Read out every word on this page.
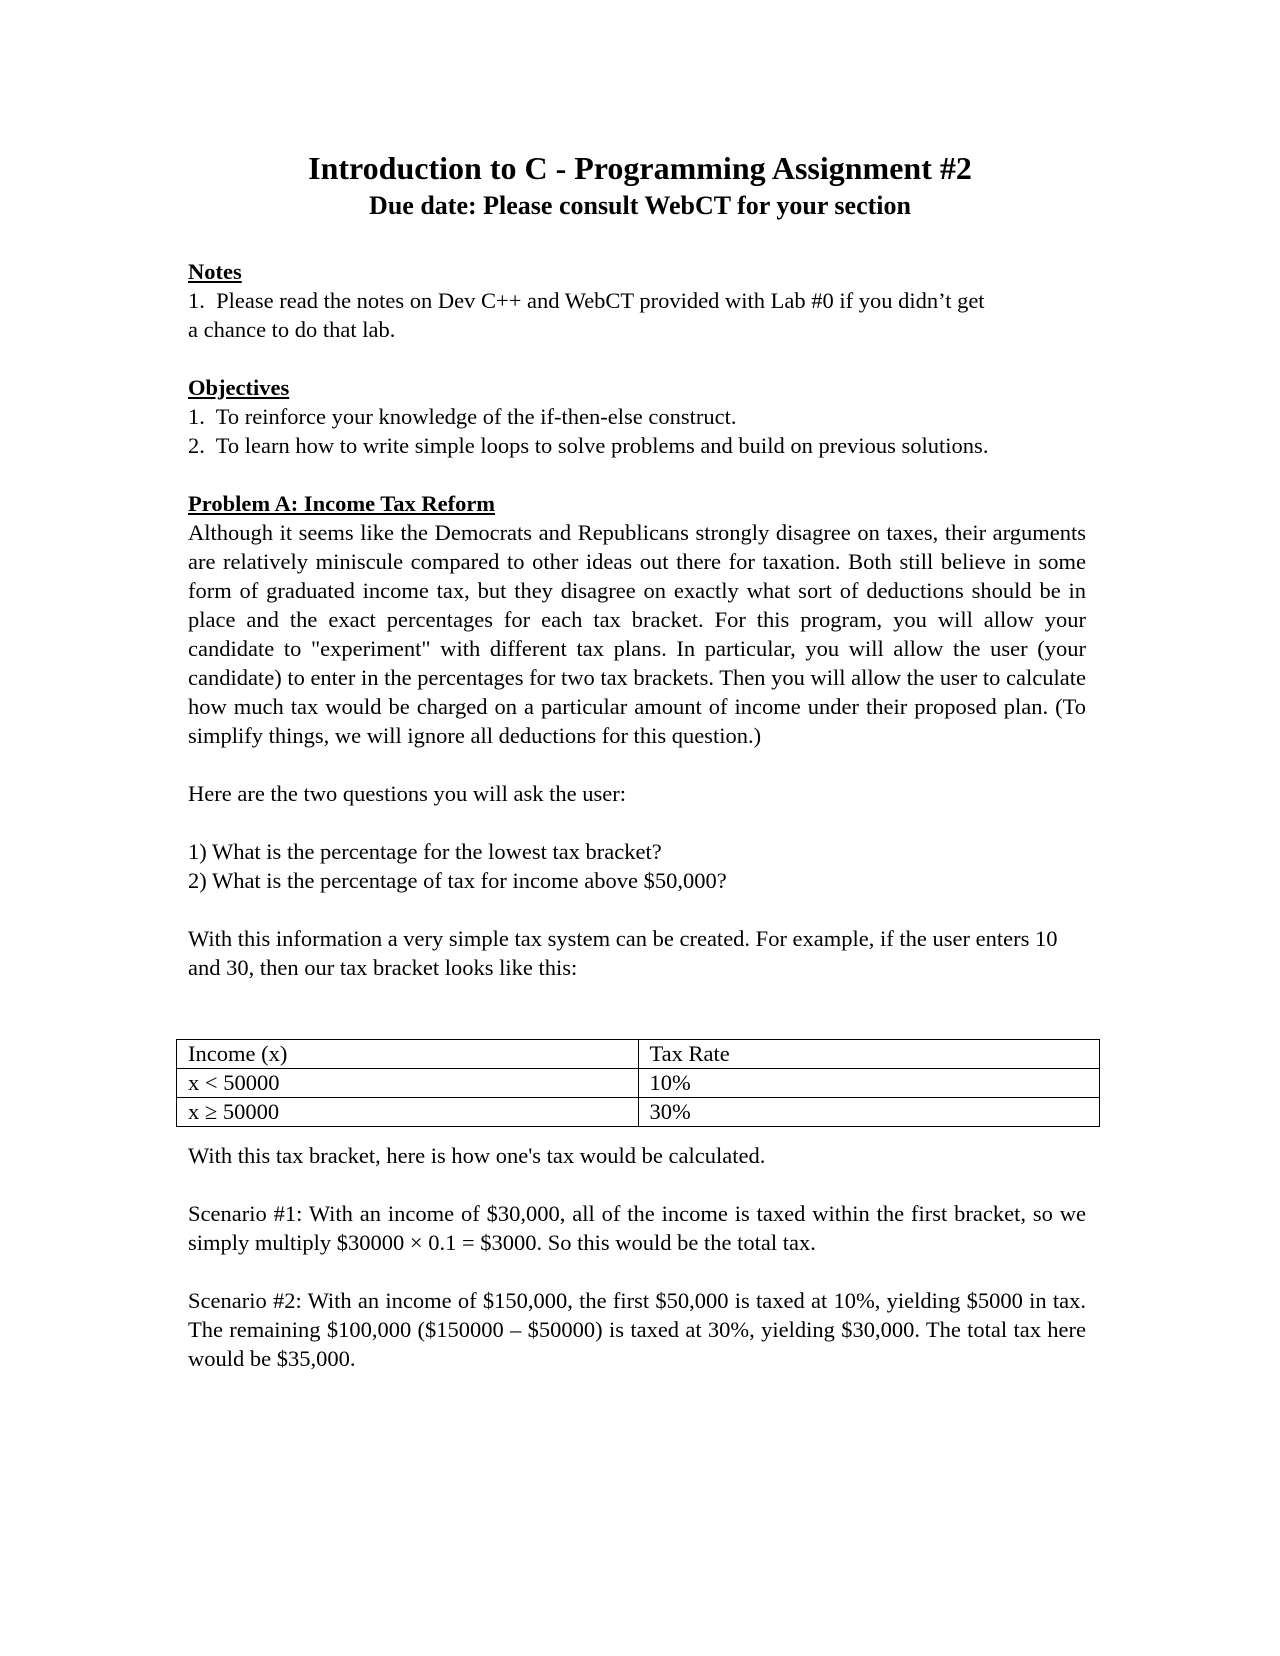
Introduction to C - Programming Assignment #2
Due date: Please consult WebCT for your section

Notes

1.  Please read the notes on Dev C++ and WebCT provided with Lab #0 if you didn’t get

a chance to do that lab.

Objectives

1.  To reinforce your knowledge of the if-then-else construct.

2.  To learn how to write simple loops to solve problems and build on previous solutions.

Problem A: Income Tax Reform

Although it seems like the Democrats and Republicans strongly disagree on taxes, their arguments are relatively miniscule compared to other ideas out there for taxation. Both still believe in some form of graduated income tax, but they disagree on exactly what sort of deductions should be in place and the exact percentages for each tax bracket. For this program, you will allow your candidate to "experiment" with different tax plans. In particular, you will allow the user (your candidate) to enter in the percentages for two tax brackets. Then you will allow the user to calculate how much tax would be charged on a particular amount of income under their proposed plan. (To simplify things, we will ignore all deductions for this question.)

Here are the two questions you will ask the user:

1) What is the percentage for the lowest tax bracket?

2) What is the percentage of tax for income above $50,000?

With this information a very simple tax system can be created. For example, if the user enters 10 and 30, then our tax bracket looks like this:

Income (x)	Tax Rate
x < 50000	10%
x ≥ 50000	30%

With this tax bracket, here is how one's tax would be calculated.

Scenario #1: With an income of $30,000, all of the income is taxed within the first bracket, so we simply multiply $30000 × 0.1 = $3000. So this would be the total tax.

Scenario #2: With an income of $150,000, the first $50,000 is taxed at 10%, yielding $5000 in tax. The remaining $100,000 ($150000 – $50000) is taxed at 30%, yielding $30,000. The total tax here would be $35,000.
